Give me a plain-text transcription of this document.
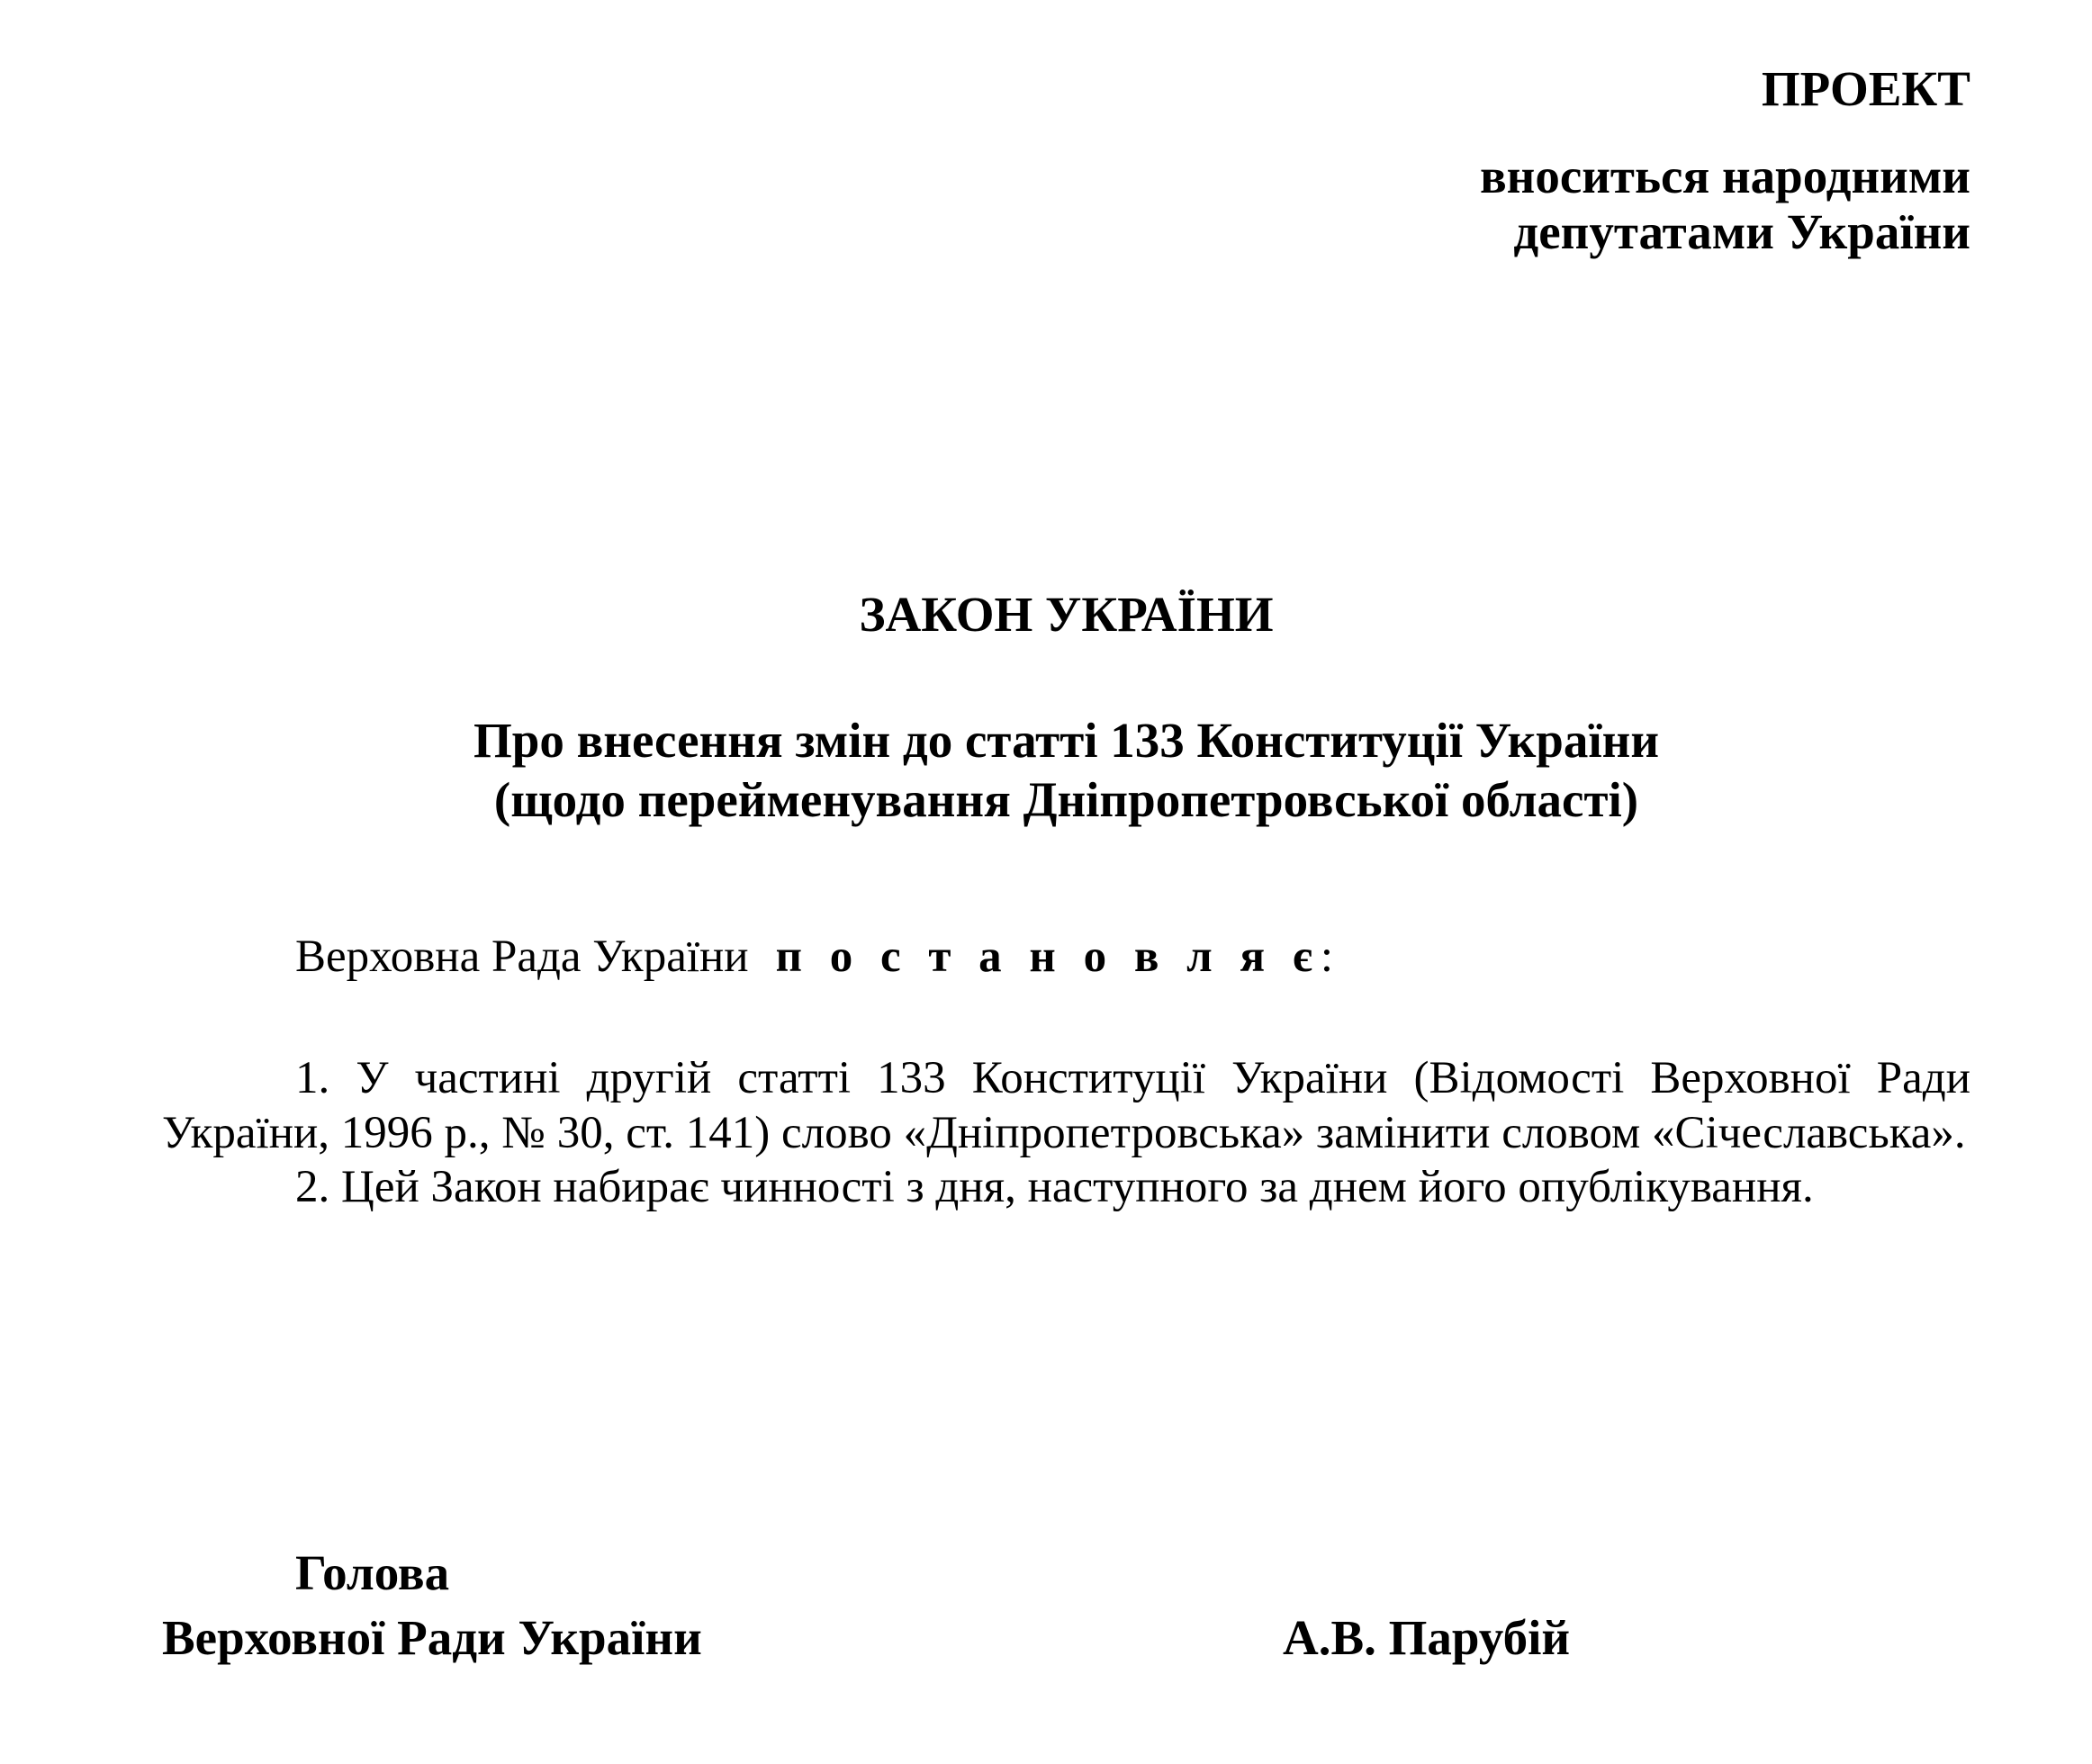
ПРОЕКТ
вноситься народними
депутатами України
ЗАКОН УКРАЇНИ
Про внесення змін до статті 133 Конституції України
(щодо перейменування Дніпропетровської області)
Верховна Рада України п о с т а н о в л я є:

1. У частині другій статті 133 Конституції України (Відомості Верховної Ради України, 1996 р., № 30, ст. 141) слово «Дніпропетровська» замінити словом «Січеславська».

2. Цей Закон набирає чинності з дня, наступного за днем його опублікування.

Голова
Верховної Ради України	А.В. Парубій
